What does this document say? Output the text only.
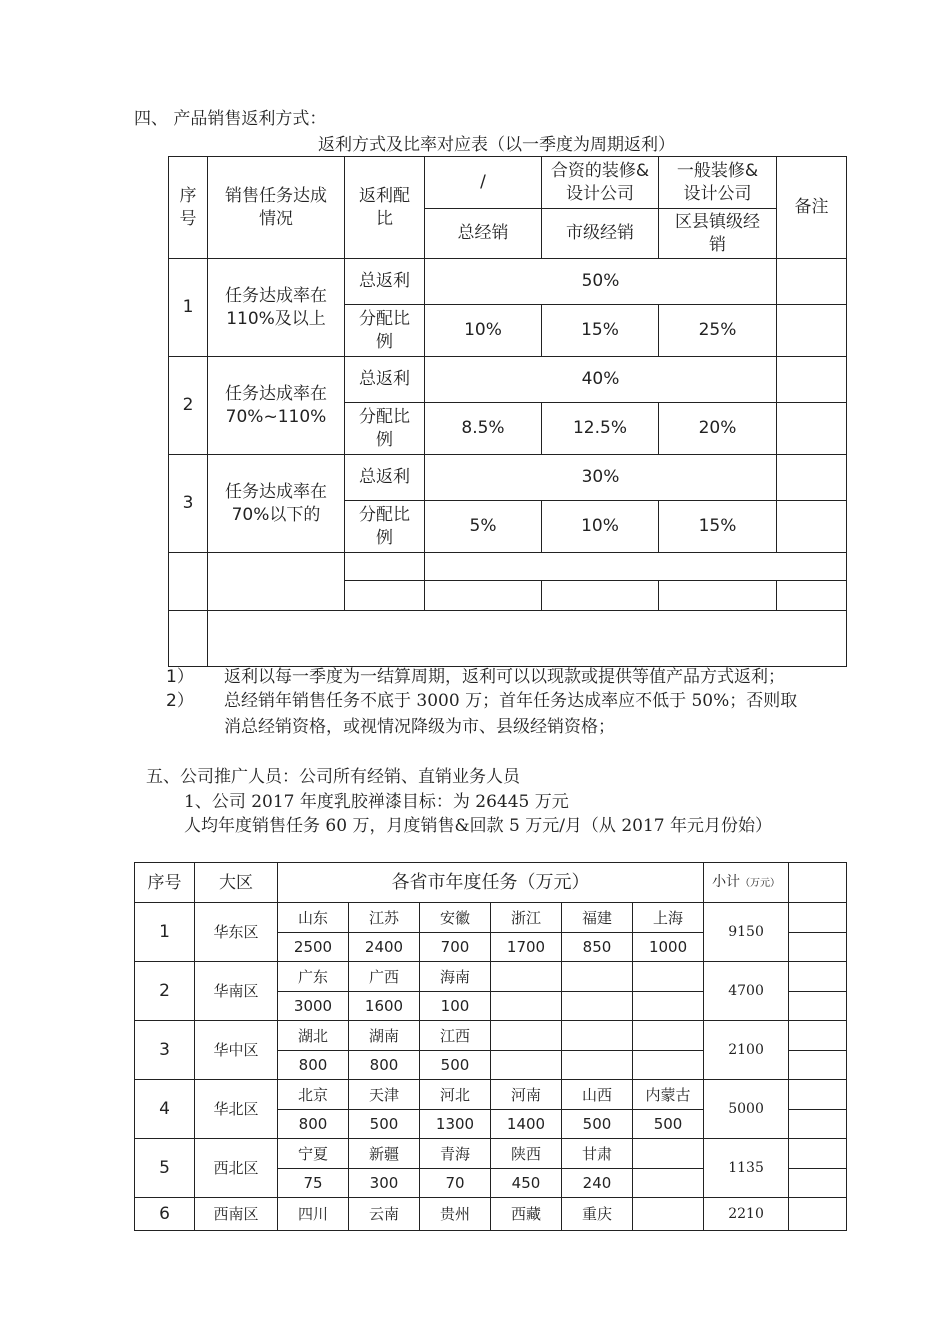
四、 产品销售返利方式：
返利方式及比率对应表（以一季度为周期返利）
序号	销售任务达成情况	返利配比	/	合资的装修&设计公司	一般装修&设计公司	备注
			总经销	市级经销	区县镇级经销	
1	任务达成率在110%及以上	总返利	50%			
		分配比例	10%	15%	25%	
2	任务达成率在70%~110%	总返利	40%			
		分配比例	8.5%	12.5%	20%	
3	任务达成率在70%以下的	总返利	30%			
		分配比例	5%	10%	15%	

1） 返利以每一季度为一结算周期，返利可以以现款或提供等值产品方式返利；
2） 总经销年销售任务不底于 3000 万；首年任务达成率应不低于 50%；否则取
消总经销资格，或视情况降级为市、县级经销资格；
五、公司推广人员：公司所有经销、直销业务人员
1、公司 2017 年度乳胶禅漆目标：为 26445 万元
人均年度销售任务 60 万，月度销售&回款 5 万元/月（从 2017 年元月份始）
序号	大区	各省市年度任务（万元）						小计（万元）	
1	华东区	山东	江苏	安徽	浙江	福建	上海	9150	
		2500	2400	700	1700	850	1000		
2	华南区	广东	广西	海南				4700	
		3000	1600	100					
3	华中区	湖北	湖南	江西				2100	
		800	800	500					
4	华北区	北京	天津	河北	河南	山西	内蒙古	5000	
		800	500	1300	1400	500	500		
5	西北区	宁夏	新疆	青海	陕西	甘肃		1135	
		75	300	70	450	240			
6	西南区	四川	云南	贵州	西藏	重庆		2210	
